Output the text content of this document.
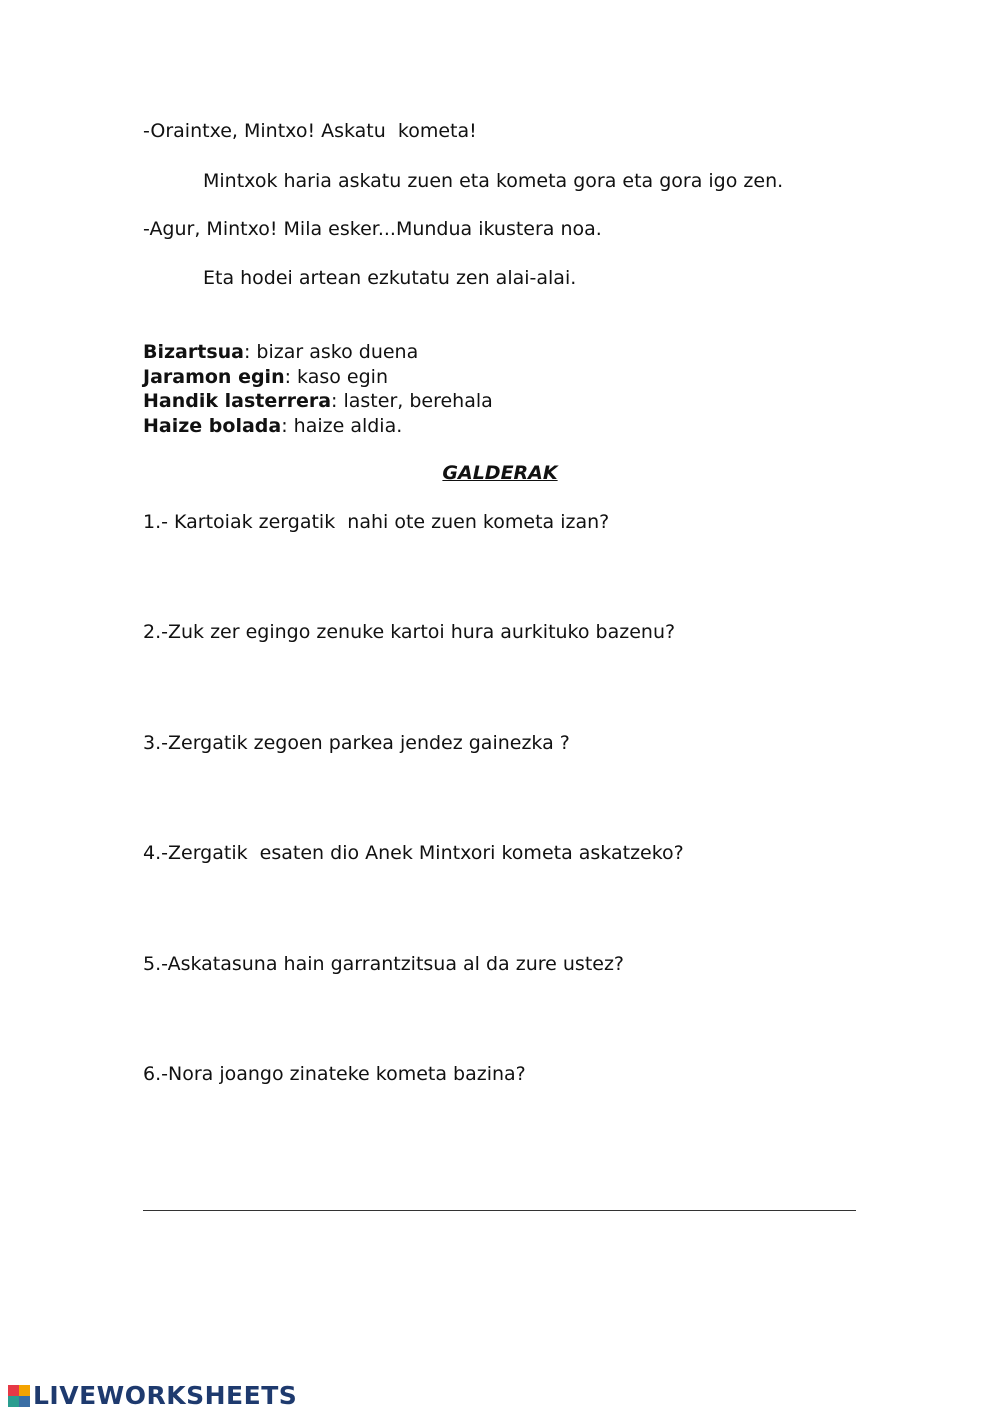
-Oraintxe, Mintxo! Askatu  kometa!
Mintxok haria askatu zuen eta kometa gora eta gora igo zen.
-Agur, Mintxo! Mila esker...Mundua ikustera noa.
Eta hodei artean ezkutatu zen alai-alai.
Bizartsua: bizar asko duena
Jaramon egin: kaso egin
Handik lasterrera: laster, berehala
Haize bolada: haize aldia.
GALDERAK
1.- Kartoiak zergatik  nahi ote zuen kometa izan?
2.-Zuk zer egingo zenuke kartoi hura aurkituko bazenu?
3.-Zergatik zegoen parkea jendez gainezka ?
4.-Zergatik  esaten dio Anek Mintxori kometa askatzeko?
5.-Askatasuna hain garrantzitsua al da zure ustez?
6.-Nora joango zinateke kometa bazina?
LIVEWORKSHEETS
